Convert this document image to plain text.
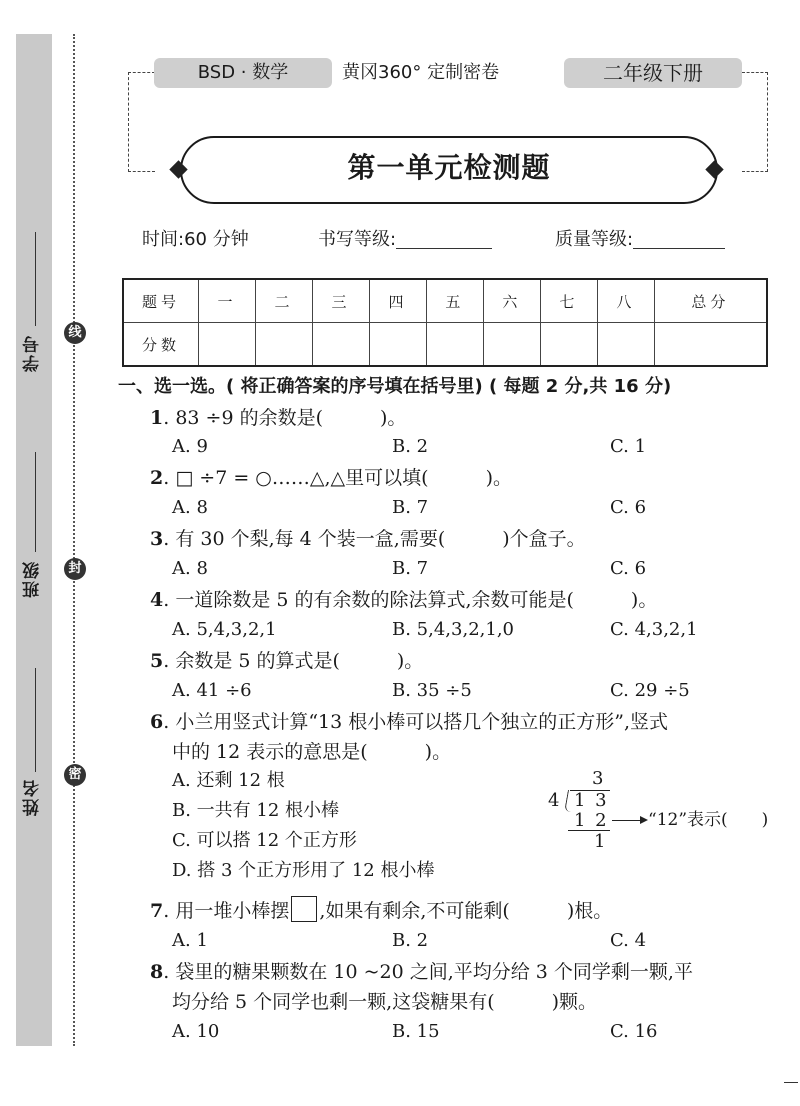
学号
班级
姓名
线
封
密
BSD · 数学	黄冈360° 定制密卷	二年级下册
第一单元检测题
时间:60 分钟	书写等级:	质量等级:
题号	一	二	三	四	五	六	七	八	总分
分数									
一、选一选。( 将正确答案的序号填在括号里) ( 每题 2 分,共 16 分)
1. 83 ÷9 的余数是(　　　)。
A. 9	B. 2	C. 1
2. □ ÷7 = ○……△,△里可以填(　　　)。
A. 8	B. 7	C. 6
3. 有 30 个梨,每 4 个装一盒,需要(　　　)个盒子。
A. 8	B. 7	C. 6
4. 一道除数是 5 的有余数的除法算式,余数可能是(　　　)。
A. 5,4,3,2,1	B. 5,4,3,2,1,0	C. 4,3,2,1
5. 余数是 5 的算式是(　　　)。
A. 41 ÷6	B. 35 ÷5	C. 29 ÷5
6. 小兰用竖式计算“13 根小棒可以搭几个独立的正方形”,竖式
中的 12 表示的意思是(　　　)。
A. 还剩 12 根
B. 一共有 12 根小棒
C. 可以搭 12 个正方形
D. 搭 3 个正方形用了 12 根小棒
3
4 1 3
1 2
1
“12”表示(　　)
7. 用一堆小棒摆 ,如果有剩余,不可能剩(　　　)根。
A. 1	B. 2	C. 4
8. 袋里的糖果颗数在 10 ~20 之间,平均分给 3 个同学剩一颗,平
均分给 5 个同学也剩一颗,这袋糖果有(　　　)颗。
A. 10	B. 15	C. 16
